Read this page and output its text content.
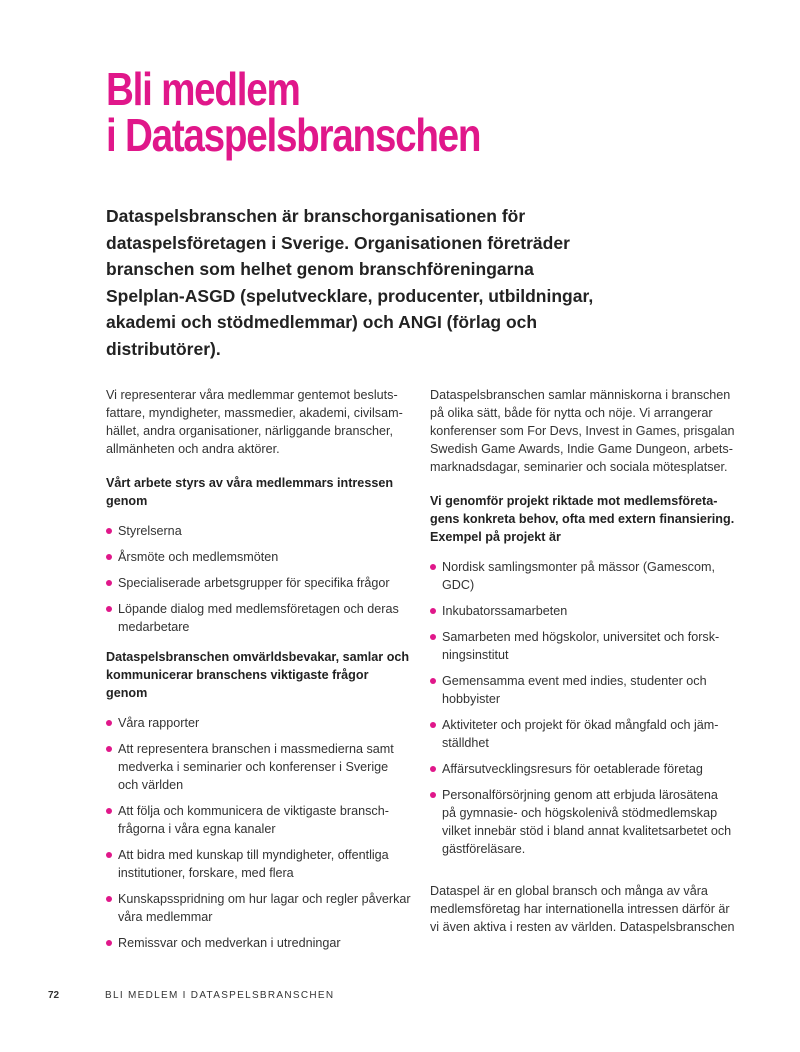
Bli medlem
i Dataspelsbranschen

Dataspelsbranschen är branschorganisationen för dataspelsföretagen i Sverige. Organisationen företräder branschen som helhet genom branschföreningarna Spelplan-ASGD (spelutvecklare, producenter, utbildningar, akademi och stödmedlemmar) och ANGI (förlag och distributörer).

Vi representerar våra medlemmar gentemot beslutsfattare, myndigheter, massmedier, akademi, civilsamhället, andra organisationer, närliggande branscher, allmänheten och andra aktörer.

Vårt arbete styrs av våra medlemmars intressen genom

Styrelserna
Årsmöte och medlemsmöten
Specialiserade arbetsgrupper för specifika frågor
Löpande dialog med medlemsföretagen och deras medarbetare

Dataspelsbranschen omvärldsbevakar, samlar och kommunicerar branschens viktigaste frågor genom

Våra rapporter
Att representera branschen i massmedierna samt medverka i seminarier och konferenser i Sverige och världen
Att följa och kommunicera de viktigaste branschfrågorna i våra egna kanaler
Att bidra med kunskap till myndigheter, offentliga institutioner, forskare, med flera
Kunskapsspridning om hur lagar och regler påverkar våra medlemmar
Remissvar och medverkan i utredningar

Dataspelsbranschen samlar människorna i branschen på olika sätt, både för nytta och nöje. Vi arrangerar konferenser som For Devs, Invest in Games, prisgalan Swedish Game Awards, Indie Game Dungeon, arbetsmarknadsdagar, seminarier och sociala mötesplatser.

Vi genomför projekt riktade mot medlemsföretagens konkreta behov, ofta med extern finansiering. Exempel på projekt är

Nordisk samlingsmonter på mässor (Gamescom, GDC)
Inkubatorssamarbeten
Samarbeten med högskolor, universitet och forskningsinstitut
Gemensamma event med indies, studenter och hobbyister
Aktiviteter och projekt för ökad mångfald och jämställdhet
Affärsutvecklingsresurs för oetablerade företag
Personalförsörjning genom att erbjuda lärosätena på gymnasie- och högskolenivå stödmedlemskap vilket innebär stöd i bland annat kvalitetsarbetet och gästföreläsare.

Dataspel är en global bransch och många av våra medlemsföretag har internationella intressen därför är vi även aktiva i resten av världen. Dataspelsbranschen

72	BLI MEDLEM I DATASPELSBRANSCHEN
